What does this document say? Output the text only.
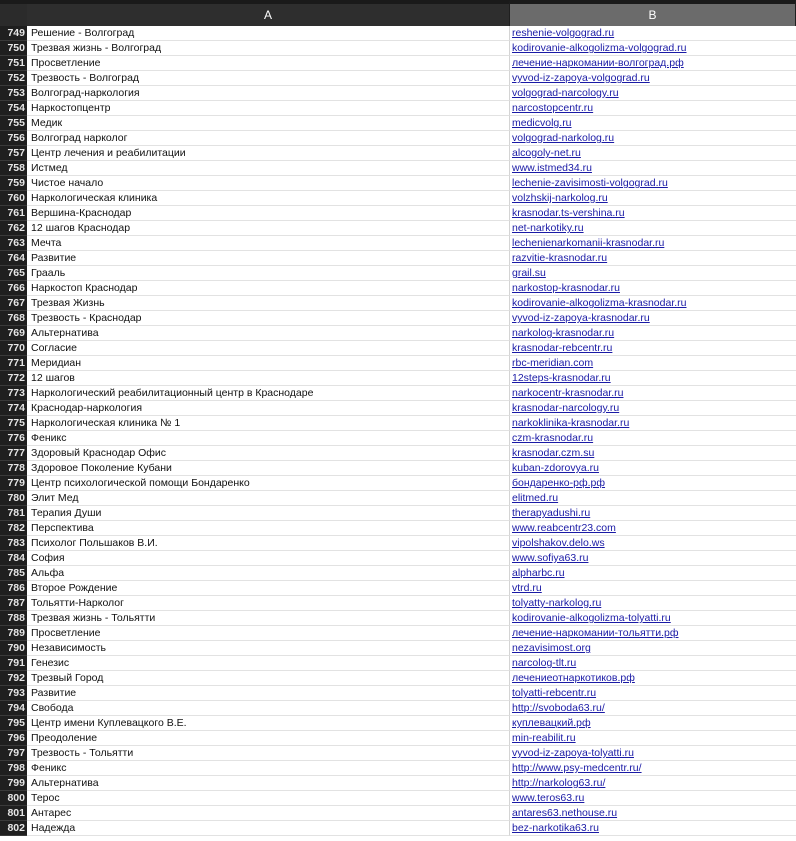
A	B
749 Решение - Волгоград	reshenie-volgograd.ru
750 Трезвая жизнь - Волгоград	kodirovanie-alkogolizma-volgograd.ru
751 Просветление	лечение-наркомании-волгоград.рф
752 Трезвость - Волгоград	vyvod-iz-zapoya-volgograd.ru
753 Волгоград-наркология	volgograd-narcology.ru
754 Наркостопцентр	narcostopcentr.ru
755 Медик	medicvolg.ru
756 Волгоград нарколог	volgograd-narkolog.ru
757 Центр лечения и реабилитации	alcogoly-net.ru
758 Истмед	www.istmed34.ru
759 Чистое начало	lechenie-zavisimosti-volgograd.ru
760 Наркологическая клиника	volzhskij-narkolog.ru
761 Вершина-Краснодар	krasnodar.ts-vershina.ru
762 12 шагов Краснодар	net-narkotiky.ru
763 Мечта	lechenienarkomanii-krasnodar.ru
764 Развитие	razvitie-krasnodar.ru
765 Грааль	grail.su
766 Наркостоп Краснодар	narkostop-krasnodar.ru
767 Трезвая Жизнь	kodirovanie-alkogolizma-krasnodar.ru
768 Трезвость - Краснодар	vyvod-iz-zapoya-krasnodar.ru
769 Альтернатива	narkolog-krasnodar.ru
770 Согласие	krasnodar-rebcentr.ru
771 Меридиан	rbc-meridian.com
772 12 шагов	12steps-krasnodar.ru
773 Наркологический реабилитационный центр в Краснодаре	narkocentr-krasnodar.ru
774 Краснодар-наркология	krasnodar-narcology.ru
775 Наркологическая клиника № 1	narkoklinika-krasnodar.ru
776 Феникс	czm-krasnodar.ru
777 Здоровый Краснодар Офис	krasnodar.czm.su
778 Здоровое Поколение Кубани	kuban-zdorovya.ru
779 Центр психологической помощи Бондаренко	бондаренко-рф.рф
780 Элит Мед	elitmed.ru
781 Терапия Души	therapyadushi.ru
782 Перспектива	www.reabcentr23.com
783 Психолог Польшаков В.И.	vipolshakov.delo.ws
784 София	www.sofiya63.ru
785 Альфа	alpharbc.ru
786 Второе Рождение	vtrd.ru
787 Тольятти-Нарколог	tolyatty-narkolog.ru
788 Трезвая жизнь - Тольятти	kodirovanie-alkogolizma-tolyatti.ru
789 Просветление	лечение-наркомании-тольятти.рф
790 Независимость	nezavisimost.org
791 Генезис	narcolog-tlt.ru
792 Трезвый Город	лечениеотнаркотиков.рф
793 Развитие	tolyatti-rebcentr.ru
794 Свобода	http://svoboda63.ru/
795 Центр имени Куплевацкого В.Е.	куплевацкий.рф
796 Преодоление	min-reabilit.ru
797 Трезвость - Тольятти	vyvod-iz-zapoya-tolyatti.ru
798 Феникс	http://www.psy-medcentr.ru/
799 Альтернатива	http://narkolog63.ru/
800 Терос	www.teros63.ru
801 Антарес	antares63.nethouse.ru
802 Надежда	bez-narkotika63.ru
